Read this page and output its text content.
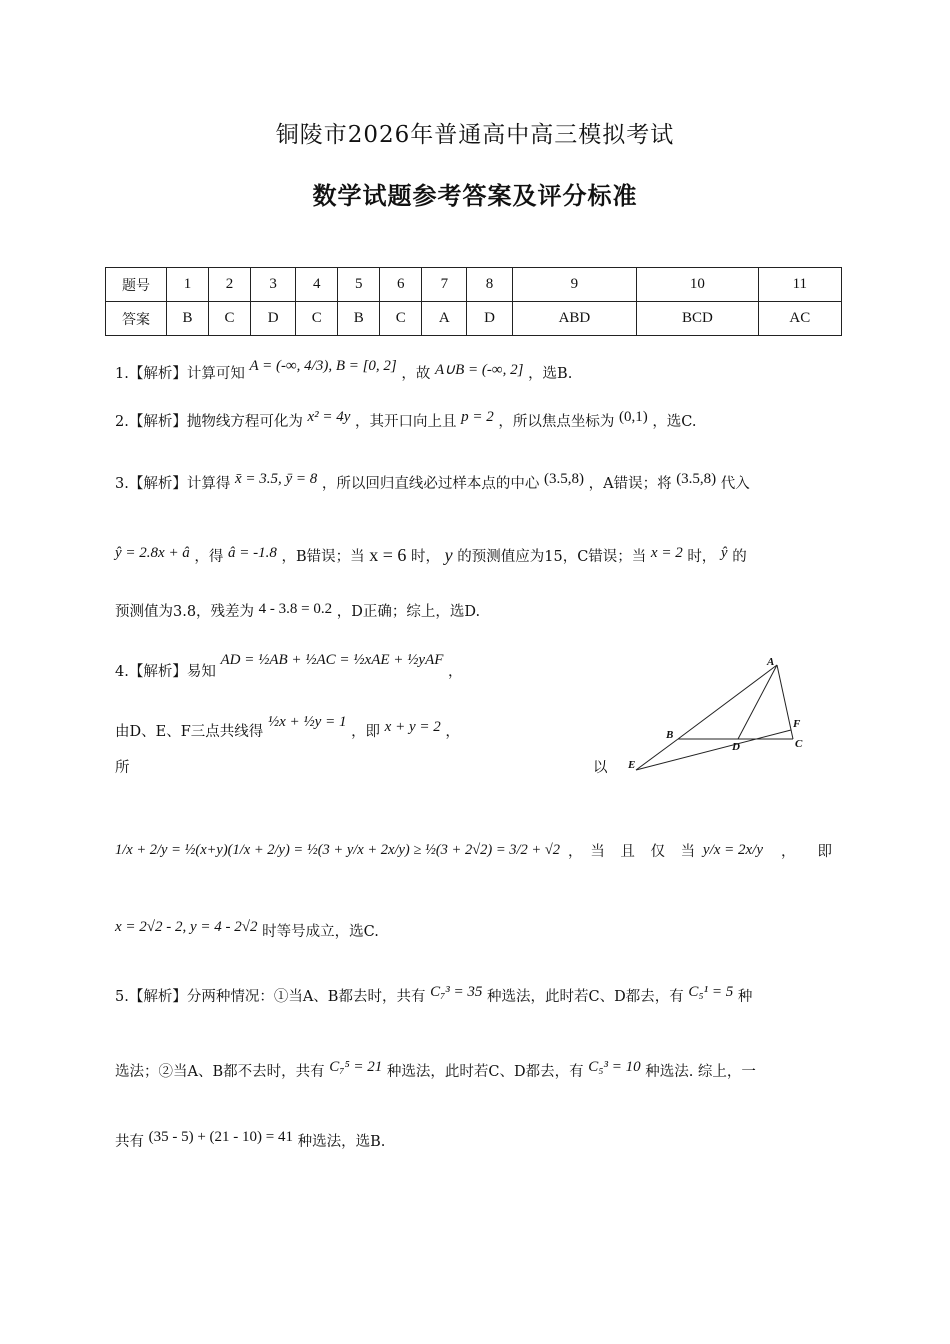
铜陵市2026年普通高中高三模拟考试
数学试题参考答案及评分标准
题号	1	2	3	4	5	6	7	8	9	10	11
答案	B	C	D	C	B	C	A	D	ABD	BCD	AC
1.【解析】计算可知 A = (-∞, 4/3), B = [0, 2] ，故 A∪B = (-∞, 2] ，选B.
2.【解析】抛物线方程可化为 x² = 4y ，其开口向上且 p = 2 ，所以焦点坐标为 (0,1) ，选C.
3.【解析】计算得 x̄ = 3.5, ȳ = 8 ，所以回归直线必过样本点的中心 (3.5,8) ，A错误；将 (3.5,8) 代入
ŷ = 2.8x + â ，得 â = -1.8 ，B错误；当 x = 6 时， y 的预测值应为15，C错误；当 x = 2 时， ŷ 的
预测值为3.8，残差为 4 - 3.8 = 0.2 ，D正确；综上，选D.
4.【解析】易知 AD = ½AB + ½AC = ½xAE + ½yAF ，
由D、E、F三点共线得 ½x + ½y = 1 ，即 x + y = 2 ，
所	以
A
B
C
D
E
F
1/x + 2/y = ½(x+y)(1/x + 2/y) = ½(3 + y/x + 2x/y) ≥ ½(3 + 2√2) = 3/2 + √2 ， 当 且 仅 当 y/x = 2x/y ， 即
x = 2√2 - 2, y = 4 - 2√2 时等号成立，选C.
5.【解析】分两种情况：①当A、B都去时，共有 C₇³ = 35 种选法，此时若C、D都去，有 C₅¹ = 5 种
选法；②当A、B都不去时，共有 C₇⁵ = 21 种选法，此时若C、D都去，有 C₅³ = 10 种选法. 综上，一
共有 (35 - 5) + (21 - 10) = 41 种选法，选B.
